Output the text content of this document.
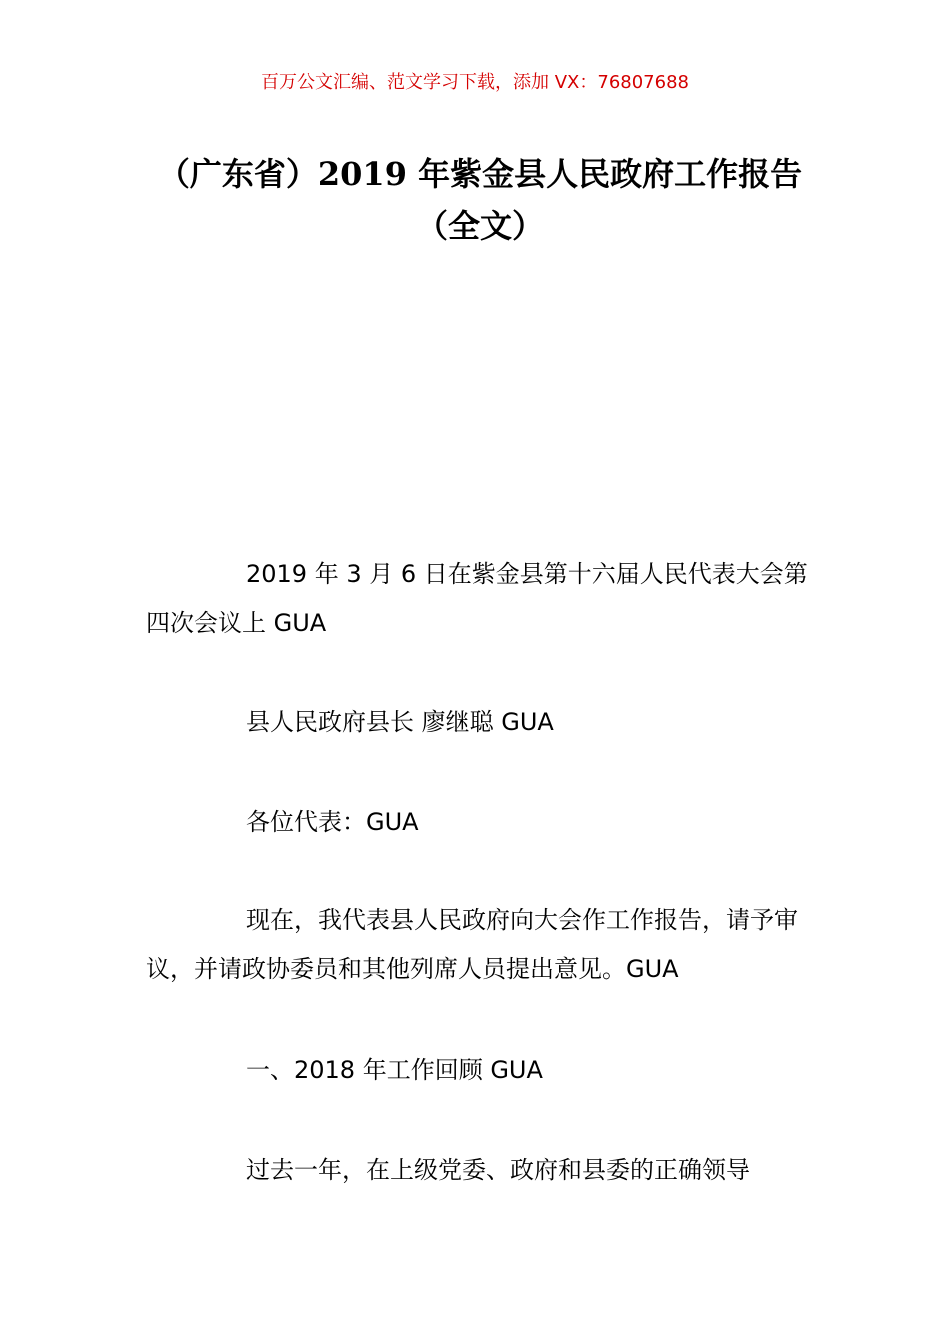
百万公文汇编、范文学习下载，添加 VX：76807688
（广东省）2019 年紫金县人民政府工作报告（全文）

2019 年 3 月 6 日在紫金县第十六届人民代表大会第四次会议上 GUA

县人民政府县长 廖继聪 GUA

各位代表：GUA

现在，我代表县人民政府向大会作工作报告，请予审议，并请政协委员和其他列席人员提出意见。GUA

一、2018 年工作回顾 GUA

过去一年，在上级党委、政府和县委的正确领导
